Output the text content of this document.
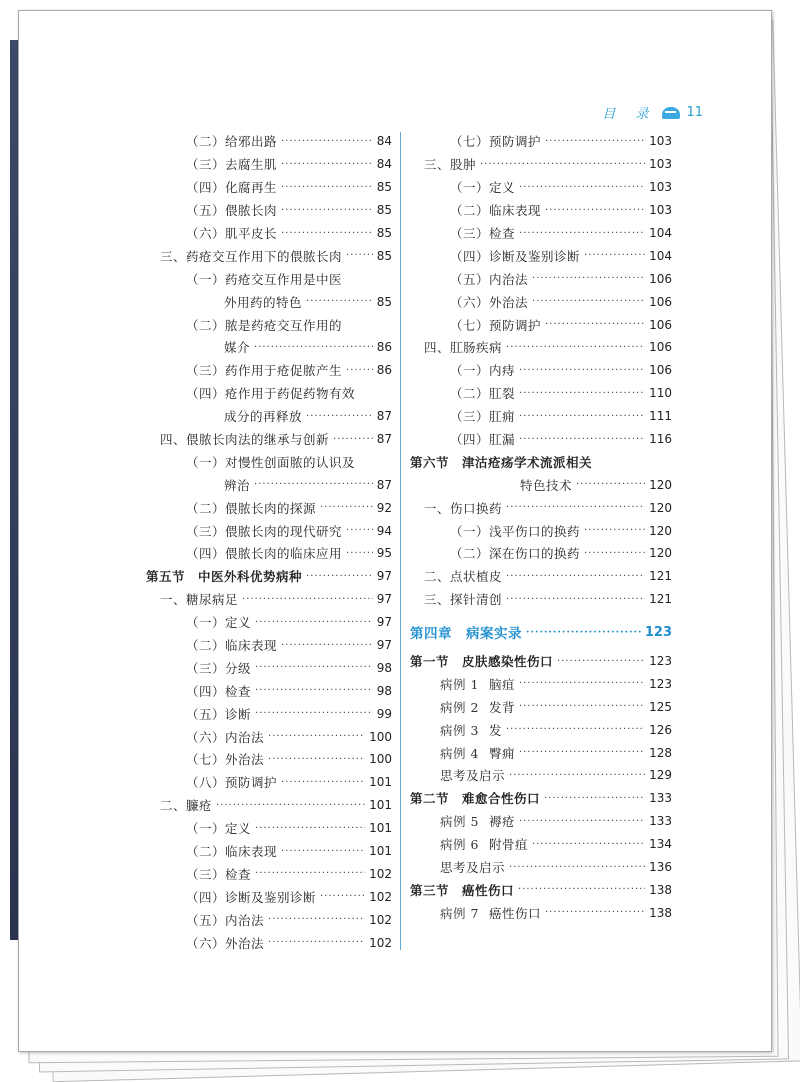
目 录 11
（二）给邪出路 ·····	84
（三）去腐生肌 ·····	84
（四）化腐再生 ·····	85
（五）偎脓长肉 ·····	85
（六）肌平皮长 ·····	85
三、药疮交互作用下的偎脓长肉 ·····	85
（一）药疮交互作用是中医
外用药的特色 ·····	85
（二）脓是药疮交互作用的
媒介 ·····	86
（三）药作用于疮促脓产生 ·····	86
（四）疮作用于药促药物有效
成分的再释放 ·····	87
四、偎脓长肉法的继承与创新 ·····	87
（一）对慢性创面脓的认识及
辨治 ·····	87
（二）偎脓长肉的探源 ·····	92
（三）偎脓长肉的现代研究 ·····	94
（四）偎脓长肉的临床应用 ·····	95
第五节　中医外科优势病种 ·····	97
一、糖尿病足 ·····	97
（一）定义 ·····	97
（二）临床表现 ·····	97
（三）分级 ·····	98
（四）检查 ·····	98
（五）诊断 ·····	99
（六）内治法 ·····	100
（七）外治法 ·····	100
（八）预防调护 ·····	101
二、臁疮 ·····	101
（一）定义 ·····	101
（二）临床表现 ·····	101
（三）检查 ·····	102
（四）诊断及鉴别诊断 ·····	102
（五）内治法 ·····	102
（六）外治法 ·····	102
（七）预防调护 ·····	103
三、股肿 ·····	103
（一）定义 ·····	103
（二）临床表现 ·····	103
（三）检查 ·····	104
（四）诊断及鉴别诊断 ·····	104
（五）内治法 ·····	106
（六）外治法 ·····	106
（七）预防调护 ·····	106
四、肛肠疾病 ·····	106
（一）内痔 ·····	106
（二）肛裂 ·····	110
（三）肛痈 ·····	111
（四）肛漏 ·····	116
第六节　津沽疮疡学术流派相关
特色技术 ·····	120
一、伤口换药 ·····	120
（一）浅平伤口的换药 ·····	120
（二）深在伤口的换药 ·····	120
二、点状植皮 ·····	121
三、探针清创 ·····	121
第四章　病案实录 ·····	123
第一节　皮肤感染性伤口 ·····	123
病例 1 脑疽 ·····	123
病例 2 发背 ·····	125
病例 3 发 ·····	126
病例 4 臀痈 ·····	128
思考及启示 ·····	129
第二节　难愈合性伤口 ·····	133
病例 5 褥疮 ·····	133
病例 6 附骨疽 ·····	134
思考及启示 ·····	136
第三节　癌性伤口 ·····	138
病例 7 癌性伤口 ·····	138
